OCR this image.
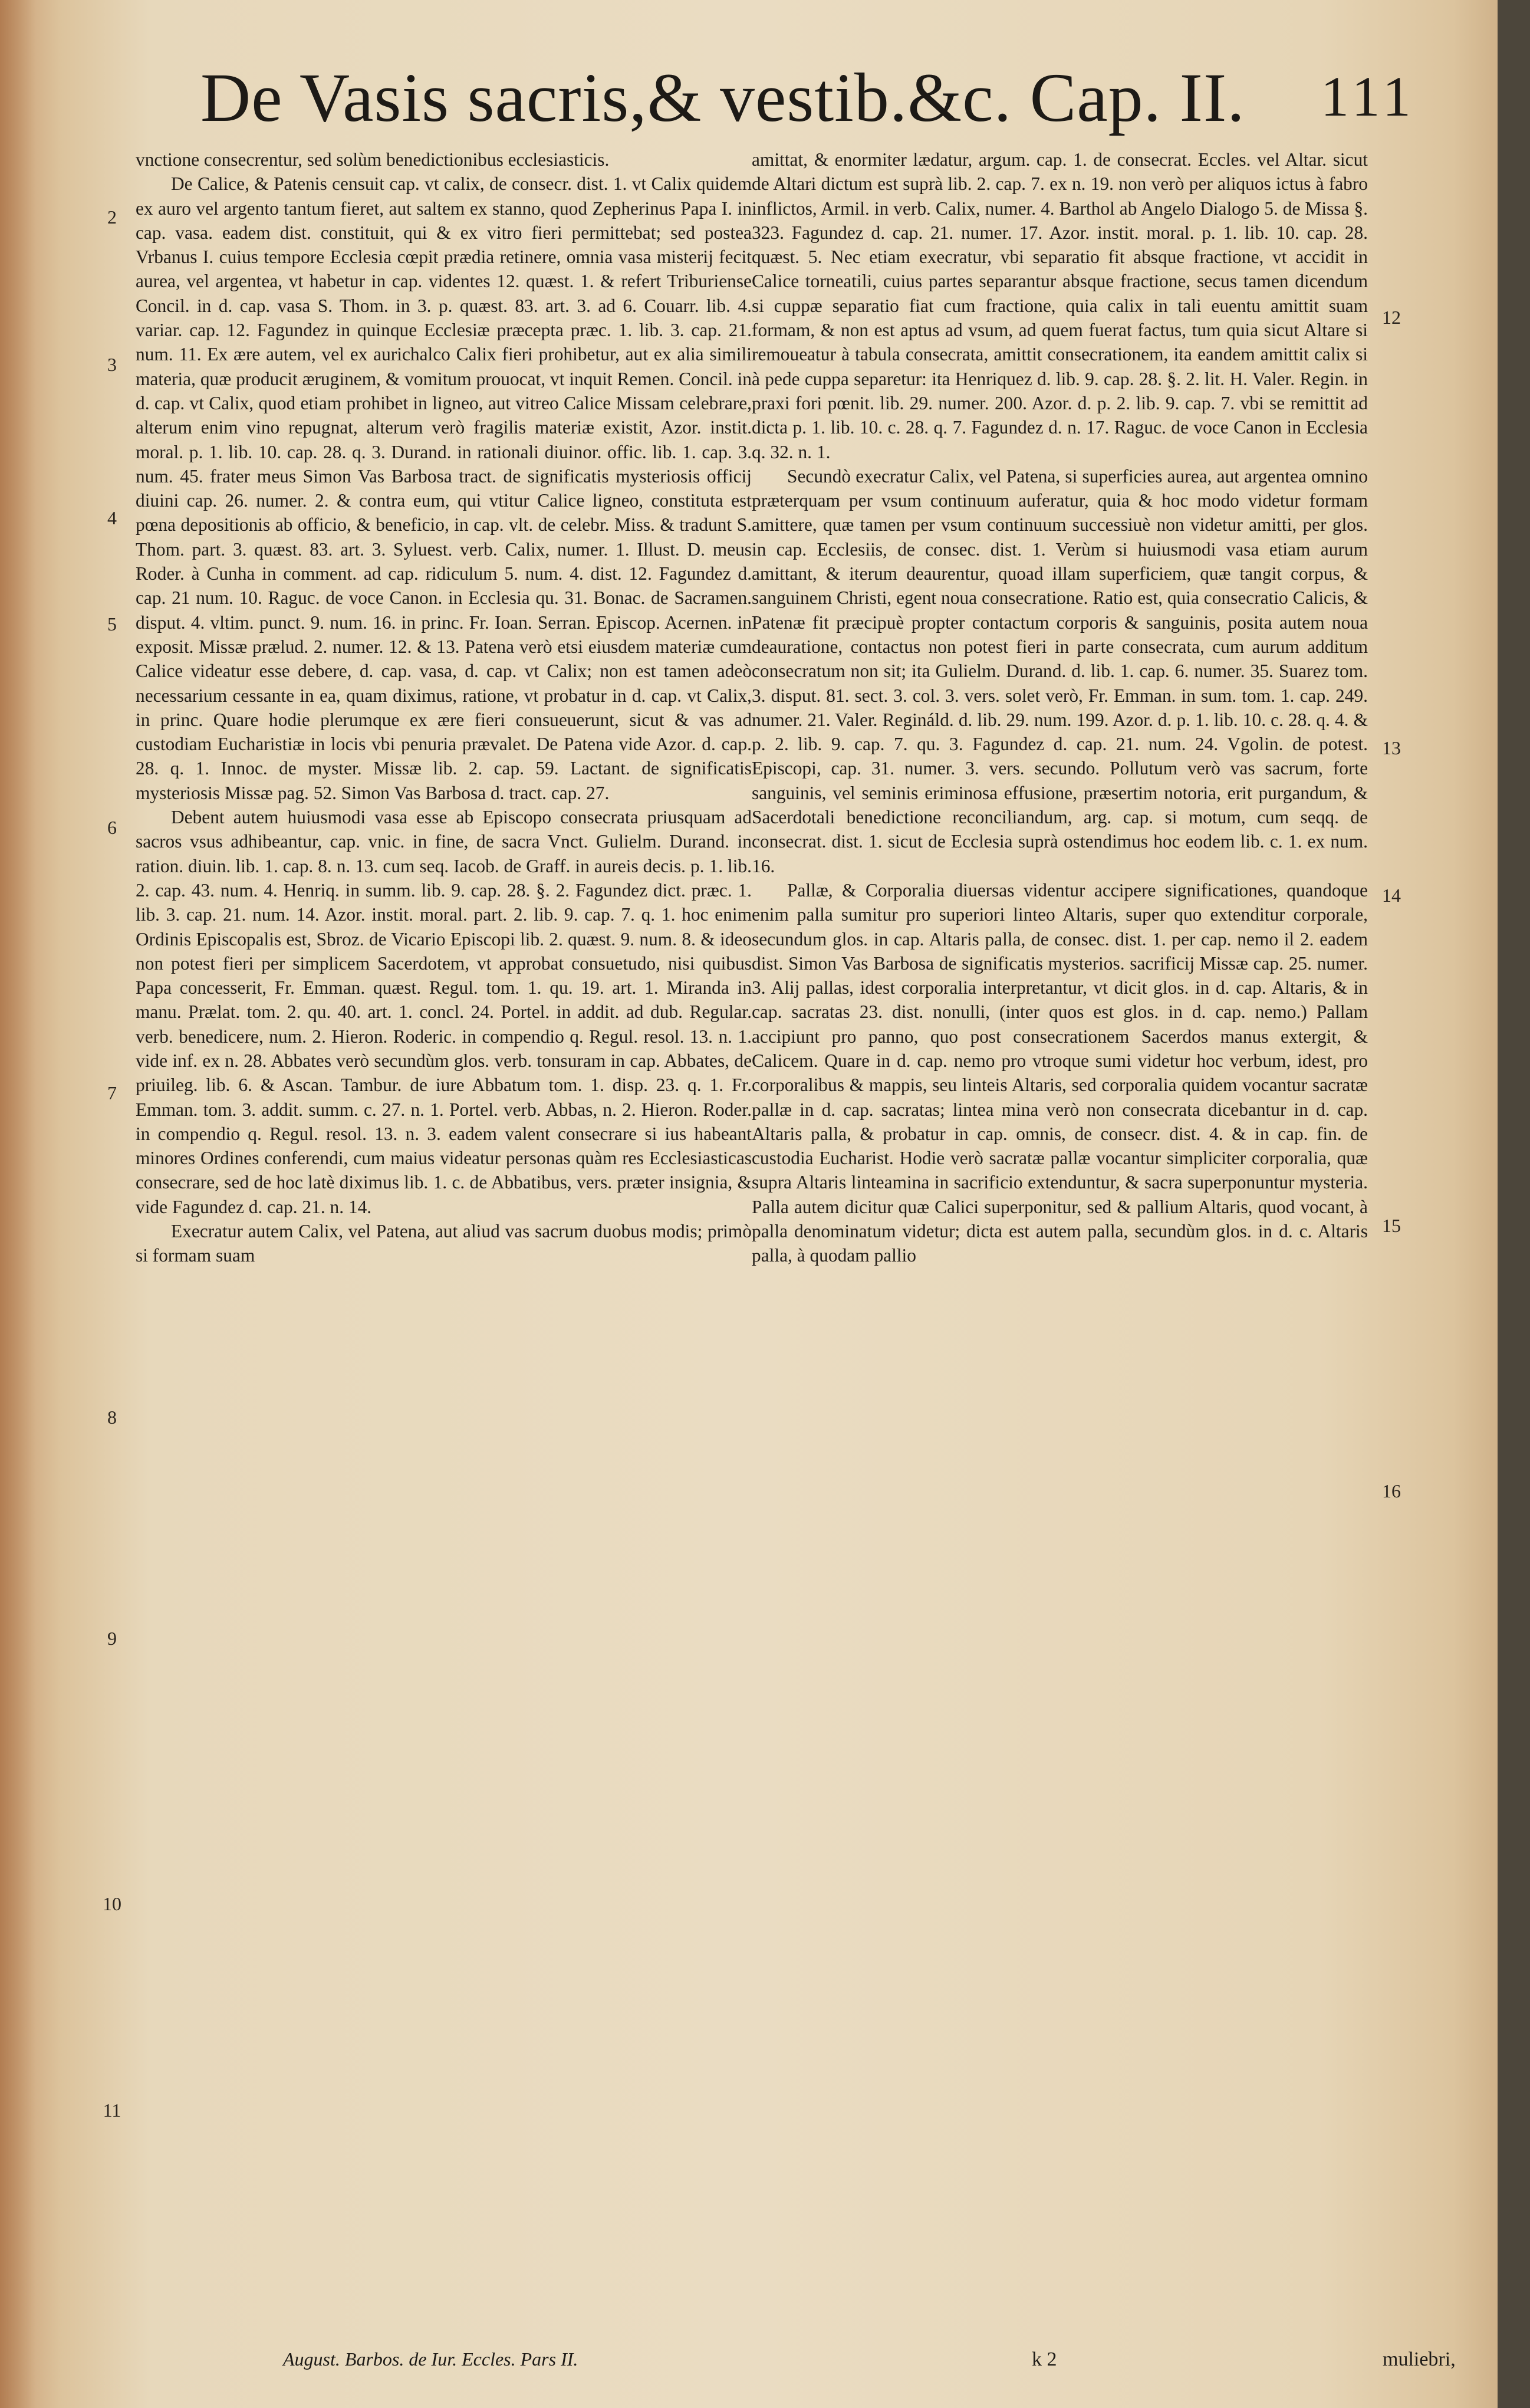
De Vasis sacris,& vestib.&c. Cap. II. 111

vnctione consecrentur, sed solùm benedictionibus ecclesiasticis.

De Calice, & Patenis censuit cap. vt calix, de consecr. dist. 1. vt Calix quidem ex auro vel argento tantum fieret, aut saltem ex stanno, quod Zepherinus Papa I. in cap. vasa. eadem dist. constituit, qui & ex vitro fieri permittebat; sed postea Vrbanus I. cuius tempore Ecclesia cœpit prædia retinere, omnia vasa misterij fecit aurea, vel argentea, vt habetur in cap. videntes 12. quæst. 1. & refert Triburiense Concil. in d. cap. vasa S. Thom. in 3. p. quæst. 83. art. 3. ad 6. Couarr. lib. 4. variar. cap. 12. Fagundez in quinque Ecclesiæ præcepta præc. 1. lib. 3. cap. 21. num. 11. Ex ære autem, vel ex aurichalco Calix fieri prohibetur, aut ex alia simili materia, quæ producit æruginem, & vomitum prouocat, vt inquit Remen. Concil. in d. cap. vt Calix, quod etiam prohibet in ligneo, aut vitreo Calice Missam celebrare, alterum enim vino repugnat, alterum verò fragilis materiæ existit, Azor. instit. moral. p. 1. lib. 10. cap. 28. q. 3. Durand. in rationali diuinor. offic. lib. 1. cap. 3. num. 45. frater meus Simon Vas Barbosa tract. de significatis mysteriosis officij diuini cap. 26. numer. 2. & contra eum, qui vtitur Calice ligneo, constituta est pœna depositionis ab officio, & beneficio, in cap. vlt. de celebr. Miss. & tradunt S. Thom. part. 3. quæst. 83. art. 3. Syluest. verb. Calix, numer. 1. Illust. D. meus Roder. à Cunha in comment. ad cap. ridiculum 5. num. 4. dist. 12. Fagundez d. cap. 21 num. 10. Raguc. de voce Canon. in Ecclesia qu. 31. Bonac. de Sacramen. disput. 4. vltim. punct. 9. num. 16. in princ. Fr. Ioan. Serran. Episcop. Acernen. in exposit. Missæ prælud. 2. numer. 12. & 13. Patena verò etsi eiusdem materiæ cum Calice videatur esse debere, d. cap. vasa, d. cap. vt Calix; non est tamen adeò necessarium cessante in ea, quam diximus, ratione, vt probatur in d. cap. vt Calix, in princ. Quare hodie plerumque ex ære fieri consueuerunt, sicut & vas ad custodiam Eucharistiæ in locis vbi penuria prævalet. De Patena vide Azor. d. cap. 28. q. 1. Innoc. de myster. Missæ lib. 2. cap. 59. Lactant. de significatis mysteriosis Missæ pag. 52. Simon Vas Barbosa d. tract. cap. 27.

Debent autem huiusmodi vasa esse ab Episcopo consecrata priusquam ad sacros vsus adhibeantur, cap. vnic. in fine, de sacra Vnct. Gulielm. Durand. in ration. diuin. lib. 1. cap. 8. n. 13. cum seq. Iacob. de Graff. in aureis decis. p. 1. lib. 2. cap. 43. num. 4. Henriq. in summ. lib. 9. cap. 28. §. 2. Fagundez dict. præc. 1. lib. 3. cap. 21. num. 14. Azor. instit. moral. part. 2. lib. 9. cap. 7. q. 1. hoc enim Ordinis Episcopalis est, Sbroz. de Vicario Episcopi lib. 2. quæst. 9. num. 8. & ideo non potest fieri per simplicem Sacerdotem, vt approbat consuetudo, nisi quibus Papa concesserit, Fr. Emman. quæst. Regul. tom. 1. qu. 19. art. 1. Miranda in manu. Prælat. tom. 2. qu. 40. art. 1. concl. 24. Portel. in addit. ad dub. Regular. verb. benedicere, num. 2. Hieron. Roderic. in compendio q. Regul. resol. 13. n. 1. vide inf. ex n. 28. Abbates verò secundùm glos. verb. tonsuram in cap. Abbates, de priuileg. lib. 6. & Ascan. Tambur. de iure Abbatum tom. 1. disp. 23. q. 1. Fr. Emman. tom. 3. addit. summ. c. 27. n. 1. Portel. verb. Abbas, n. 2. Hieron. Roder. in compendio q. Regul. resol. 13. n. 3. eadem valent consecrare si ius habeant minores Ordines conferendi, cum maius videatur personas quàm res Ecclesiasticas consecrare, sed de hoc latè diximus lib. 1. c. de Abbatibus, vers. præter insignia, & vide Fagundez d. cap. 21. n. 14.

Execratur autem Calix, vel Patena, aut aliud vas sacrum duobus modis; primò si formam suam

amittat, & enormiter lædatur, argum. cap. 1. de consecrat. Eccles. vel Altar. sicut de Altari dictum est suprà lib. 2. cap. 7. ex n. 19. non verò per aliquos ictus à fabro inflictos, Armil. in verb. Calix, numer. 4. Barthol ab Angelo Dialogo 5. de Missa §. 323. Fagundez d. cap. 21. numer. 17. Azor. instit. moral. p. 1. lib. 10. cap. 28. quæst. 5. Nec etiam execratur, vbi separatio fit absque fractione, vt accidit in Calice torneatili, cuius partes separantur absque fractione, secus tamen dicendum si cuppæ separatio fiat cum fractione, quia calix in tali euentu amittit suam formam, & non est aptus ad vsum, ad quem fuerat factus, tum quia sicut Altare si remoueatur à tabula consecrata, amittit consecrationem, ita eandem amittit calix si à pede cuppa separetur: ita Henriquez d. lib. 9. cap. 28. §. 2. lit. H. Valer. Regin. in praxi fori pœnit. lib. 29. numer. 200. Azor. d. p. 2. lib. 9. cap. 7. vbi se remittit ad dicta p. 1. lib. 10. c. 28. q. 7. Fagundez d. n. 17. Raguc. de voce Canon in Ecclesia q. 32. n. 1.

Secundò execratur Calix, vel Patena, si superficies aurea, aut argentea omnino præterquam per vsum continuum auferatur, quia & hoc modo videtur formam amittere, quæ tamen per vsum continuum successiuè non videtur amitti, per glos. in cap. Ecclesiis, de consec. dist. 1. Verùm si huiusmodi vasa etiam aurum amittant, & iterum deaurentur, quoad illam superficiem, quæ tangit corpus, & sanguinem Christi, egent noua consecratione. Ratio est, quia consecratio Calicis, & Patenæ fit præcipuè propter contactum corporis & sanguinis, posita autem noua deauratione, contactus non potest fieri in parte consecrata, cum aurum additum consecratum non sit; ita Gulielm. Durand. d. lib. 1. cap. 6. numer. 35. Suarez tom. 3. disput. 81. sect. 3. col. 3. vers. solet verò, Fr. Emman. in sum. tom. 1. cap. 249. numer. 21. Valer. Regináld. d. lib. 29. num. 199. Azor. d. p. 1. lib. 10. c. 28. q. 4. & p. 2. lib. 9. cap. 7. qu. 3. Fagundez d. cap. 21. num. 24. Vgolin. de potest. Episcopi, cap. 31. numer. 3. vers. secundo. Pollutum verò vas sacrum, forte sanguinis, vel seminis eriminosa effusione, præsertim notoria, erit purgandum, & Sacerdotali benedictione reconciliandum, arg. cap. si motum, cum seqq. de consecrat. dist. 1. sicut de Ecclesia suprà ostendimus hoc eodem lib. c. 1. ex num. 16.

Pallæ, & Corporalia diuersas videntur accipere significationes, quandoque enim palla sumitur pro superiori linteo Altaris, super quo extenditur corporale, secundum glos. in cap. Altaris palla, de consec. dist. 1. per cap. nemo il 2. eadem dist. Simon Vas Barbosa de significatis mysterios. sacrificij Missæ cap. 25. numer. 3. Alij pallas, idest corporalia interpretantur, vt dicit glos. in d. cap. Altaris, & in cap. sacratas 23. dist. nonulli, (inter quos est glos. in d. cap. nemo.) Pallam accipiunt pro panno, quo post consecrationem Sacerdos manus extergit, & Calicem. Quare in d. cap. nemo pro vtroque sumi videtur hoc verbum, idest, pro corporalibus & mappis, seu linteis Altaris, sed corporalia quidem vocantur sacratæ pallæ in d. cap. sacratas; lintea mina verò non consecrata dicebantur in d. cap. Altaris palla, & probatur in cap. omnis, de consecr. dist. 4. & in cap. fin. de custodia Eucharist. Hodie verò sacratæ pallæ vocantur simpliciter corporalia, quæ supra Altaris linteamina in sacrificio extenduntur, & sacra superponuntur mysteria. Palla autem dicitur quæ Calici superponitur, sed & pallium Altaris, quod vocant, à palla denominatum videtur; dicta est autem palla, secundùm glos. in d. c. Altaris palla, à quodam pallio

2
3
4
5
6
7
8
9
10
11
12
13
14
15
16
August. Barbos. de Iur. Eccles. Pars II.	k 2	muliebri,
